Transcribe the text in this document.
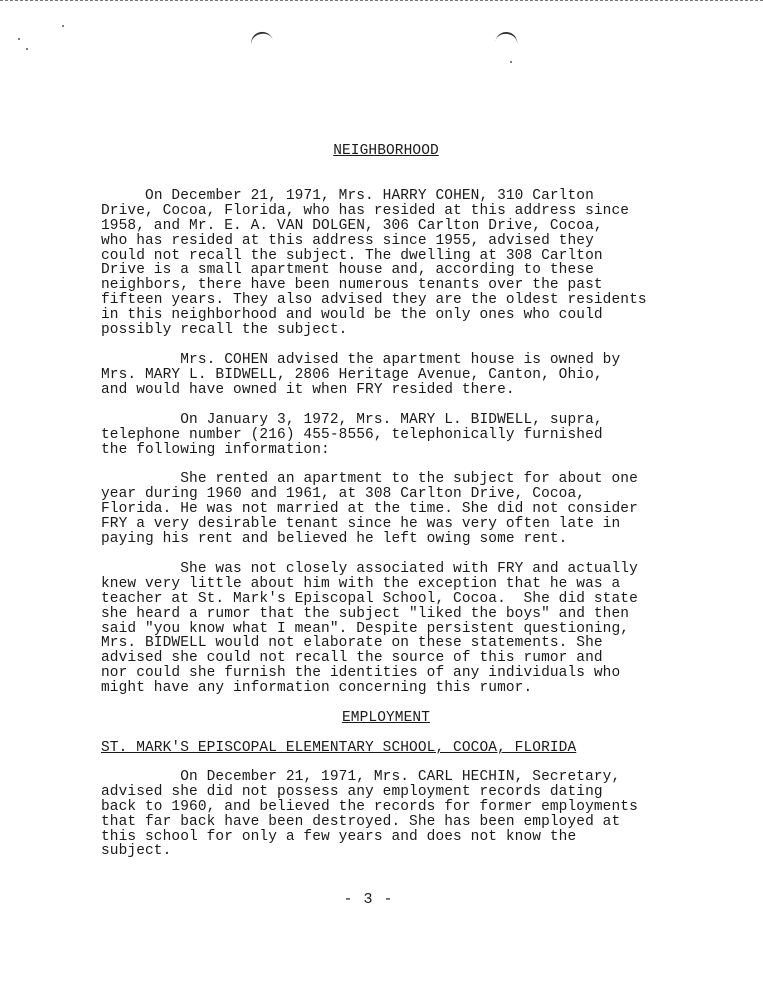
NEIGHBORHOOD

On December 21, 1971, Mrs. HARRY COHEN, 310 Carlton
Drive, Cocoa, Florida, who has resided at this address since
1958, and Mr. E. A. VAN DOLGEN, 306 Carlton Drive, Cocoa,
who has resided at this address since 1955, advised they
could not recall the subject. The dwelling at 308 Carlton
Drive is a small apartment house and, according to these
neighbors, there have been numerous tenants over the past
fifteen years. They also advised they are the oldest residents
in this neighborhood and would be the only ones who could
possibly recall the subject.

Mrs. COHEN advised the apartment house is owned by
Mrs. MARY L. BIDWELL, 2806 Heritage Avenue, Canton, Ohio,
and would have owned it when FRY resided there.

On January 3, 1972, Mrs. MARY L. BIDWELL, supra,
telephone number (216) 455-8556, telephonically furnished
the following information:

She rented an apartment to the subject for about one
year during 1960 and 1961, at 308 Carlton Drive, Cocoa,
Florida. He was not married at the time. She did not consider
FRY a very desirable tenant since he was very often late in
paying his rent and believed he left owing some rent.

She was not closely associated with FRY and actually
knew very little about him with the exception that he was a
teacher at St. Mark's Episcopal School, Cocoa.  She did state
she heard a rumor that the subject "liked the boys" and then
said "you know what I mean". Despite persistent questioning,
Mrs. BIDWELL would not elaborate on these statements. She
advised she could not recall the source of this rumor and
nor could she furnish the identities of any individuals who
might have any information concerning this rumor.

EMPLOYMENT

ST. MARK'S EPISCOPAL ELEMENTARY SCHOOL, COCOA, FLORIDA

On December 21, 1971, Mrs. CARL HECHIN, Secretary,
advised she did not possess any employment records dating
back to 1960, and believed the records for former employments
that far back have been destroyed. She has been employed at
this school for only a few years and does not know the
subject.

- 3 -
